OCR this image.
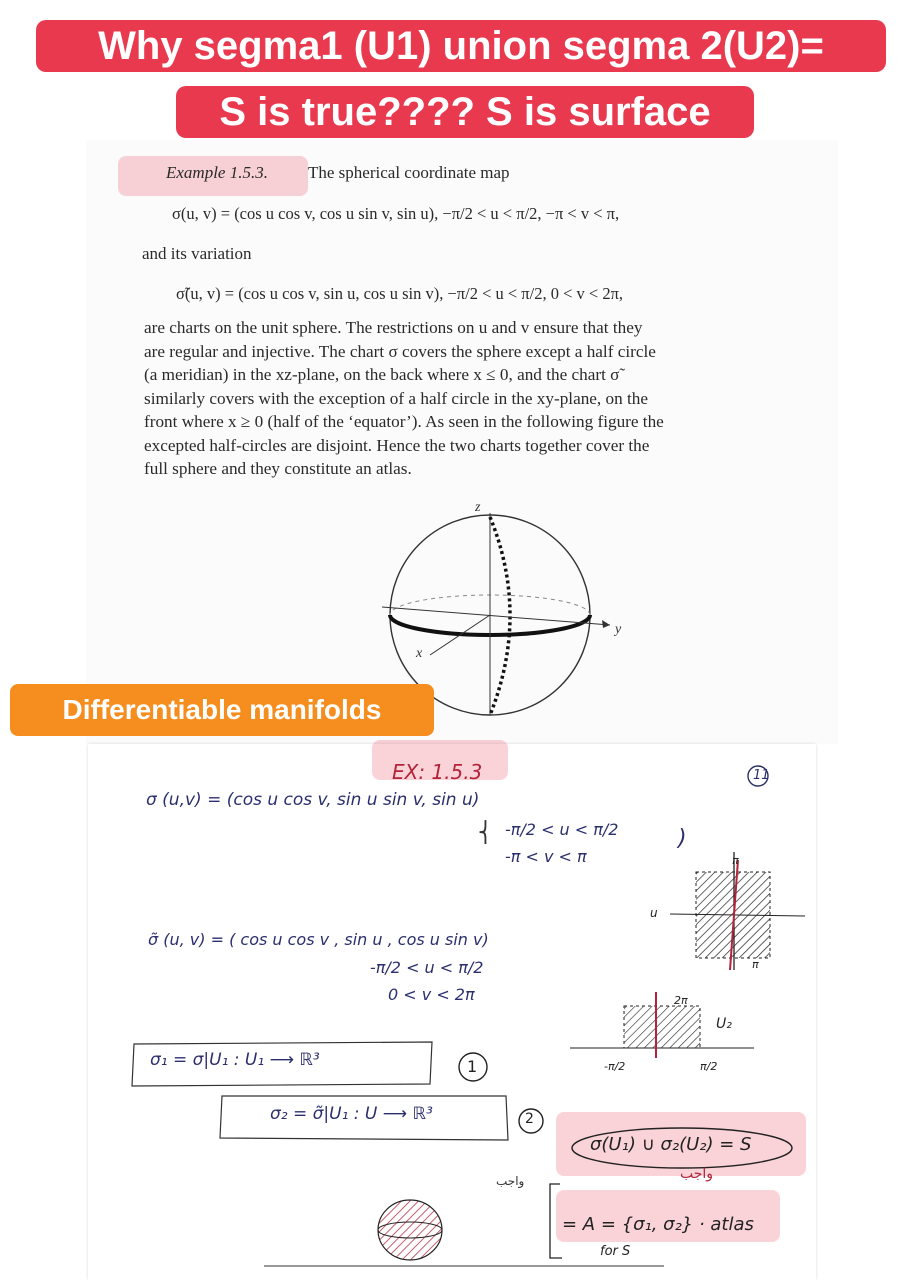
Why segma1 (U1) union segma 2(U2)=
S is true???? S is surface
Example 1.5.3. The spherical coordinate map
σ(u, v) = (cos u cos v, cos u sin v, sin u), −π/2 < u < π/2, −π < v < π,
and its variation
σ̃(u, v) = (cos u cos v, sin u, cos u sin v), −π/2 < u < π/2, 0 < v < 2π,
are charts on the unit sphere. The restrictions on u and v ensure that they
are regular and injective. The chart σ covers the sphere except a half circle
(a meridian) in the xz-plane, on the back where x ≤ 0, and the chart σ̃
similarly covers with the exception of a half circle in the xy-plane, on the
front where x ≥ 0 (half of the ‘equator’). As seen in the following figure the
excepted half-circles are disjoint. Hence the two charts together cover the
full sphere and they constitute an atlas.
z
y
x
Differentiable manifolds
EX: 1.5.3	11
σ (u,v) = (cos u cos v, sin u sin v, sin u)
⎨ -π/2 < u < π/2
-π < v < π
)
σ̃ (u, v) = ( cos u cos v , sin u , cos u sin v)
-π/2 < u < π/2
0 < v < 2π
σ₁ = σ|U₁ : U₁ ⟶ ℝ³	1
σ₂ = σ̃|U₁ : U ⟶ ℝ³	2
σ(U₁) ∪ σ₂(U₂) = S
واجب
واجب
= A = {σ₁, σ₂} · atlas
for S
π
π
u
2π
U₂
-π/2	π/2
